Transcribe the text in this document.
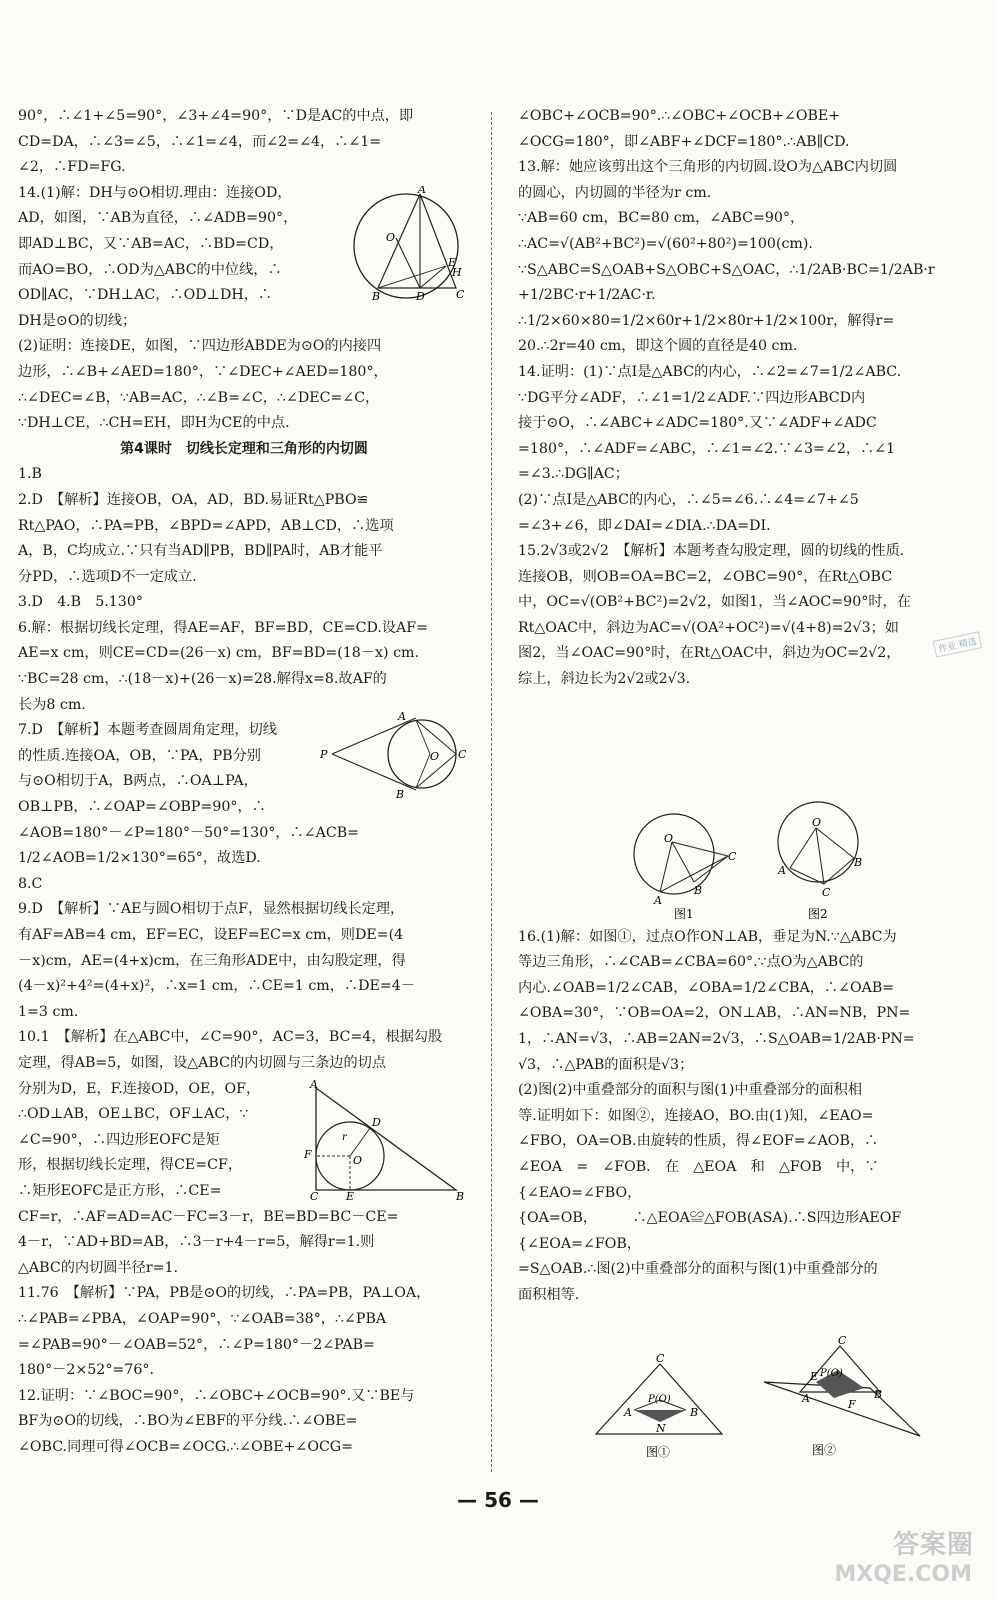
90°，∴∠1+∠5=90°，∠3+∠4=90°，∵D是AC的中点，即
CD=DA，∴∠3=∠5，∴∠1=∠4，而∠2=∠4，∴∠1=
∠2，∴FD=FG.
14.(1)解：DH与⊙O相切.理由：连接OD，
AD，如图，∵AB为直径，∴∠ADB=90°，
即AD⊥BC，又∵AB=AC，∴BD=CD，
而AO=BO，∴OD为△ABC的中位线，∴
OD∥AC，∵DH⊥AC，∴OD⊥DH，∴
DH是⊙O的切线；
(2)证明：连接DE，如图，∵四边形ABDE为⊙O的内接四
边形，∴∠B+∠AED=180°，∵∠DEC+∠AED=180°，
∴∠DEC=∠B，∵AB=AC，∴∠B=∠C，∴∠DEC=∠C，
∵DH⊥CE，∴CH=EH，即H为CE的中点.
第4课时　切线长定理和三角形的内切圆
1.B
2.D　【解析】连接OB，OA，AD，BD.易证Rt△PBO≌
Rt△PAO，∴PA=PB，∠BPD=∠APD，AB⊥CD，∴选项
A，B，C均成立.∵只有当AD∥PB，BD∥PA时，AB才能平
分PD，∴选项D不一定成立.
3.D　4.B　5.130°
6.解：根据切线长定理，得AE=AF，BF=BD，CE=CD.设AF=
AE=x cm，则CE=CD=(26－x) cm，BF=BD=(18－x) cm.
∵BC=28 cm，∴(18－x)+(26－x)=28.解得x=8.故AF的
长为8 cm.
7.D　【解析】本题考查圆周角定理，切线
的性质.连接OA，OB，∵PA，PB分别
与⊙O相切于A，B两点，∴OA⊥PA，
OB⊥PB，∴∠OAP=∠OBP=90°，∴
∠AOB=180°－∠P=180°－50°=130°，∴∠ACB=
1/2∠AOB=1/2×130°=65°，故选D.
8.C
9.D　【解析】∵AE与圆O相切于点F，显然根据切线长定理，
有AF=AB=4 cm，EF=EC，设EF=EC=x cm，则DE=(4
－x)cm，AE=(4+x)cm，在三角形ADE中，由勾股定理，得
(4－x)²+4²=(4+x)²，∴x=1 cm，∴CE=1 cm，∴DE=4－
1=3 cm.
10.1　【解析】在△ABC中，∠C=90°，AC=3，BC=4，根据勾股
定理，得AB=5，如图，设△ABC的内切圆与三条边的切点
分别为D，E，F.连接OD，OE，OF，
∴OD⊥AB，OE⊥BC，OF⊥AC，∵
∠C=90°，∴四边形EOFC是矩
形，根据切线长定理，得CE=CF，
∴矩形EOFC是正方形，∴CE=
CF=r，∴AF=AD=AC－FC=3－r，BE=BD=BC－CE=
4－r，∵AD+BD=AB，∴3－r+4－r=5，解得r=1.则
△ABC的内切圆半径r=1.
11.76　【解析】∵PA，PB是⊙O的切线，∴PA=PB，PA⊥OA，
∴∠PAB=∠PBA，∠OAP=90°，∵∠OAB=38°，∴∠PBA
=∠PAB=90°－∠OAB=52°，∴∠P=180°－2∠PAB=
180°－2×52°=76°.
12.证明：∵∠BOC=90°，∴∠OBC+∠OCB=90°.又∵BE与
BF为⊙O的切线，∴BO为∠EBF的平分线.∴∠OBE=
∠OBC.同理可得∠OCB=∠OCG.∴∠OBE+∠OCG=
∠OBC+∠OCB=90°.∴∠OBC+∠OCB+∠OBE+
∠OCG=180°，即∠ABF+∠DCF=180°.∴AB∥CD.
13.解：她应该剪出这个三角形的内切圆.设O为△ABC内切圆
的圆心，内切圆的半径为r cm.
∵AB=60 cm，BC=80 cm，∠ABC=90°，
∴AC=√(AB²+BC²)=√(60²+80²)=100(cm).
∵S△ABC=S△OAB+S△OBC+S△OAC，∴1/2AB·BC=1/2AB·r
+1/2BC·r+1/2AC·r.
∴1/2×60×80=1/2×60r+1/2×80r+1/2×100r，解得r=
20.∴2r=40 cm，即这个圆的直径是40 cm.
14.证明：(1)∵点I是△ABC的内心，∴∠2=∠7=1/2∠ABC.
∵DG平分∠ADF，∴∠1=1/2∠ADF.∵四边形ABCD内
接于⊙O，∴∠ABC+∠ADC=180°.又∵∠ADF+∠ADC
=180°，∴∠ADF=∠ABC，∴∠1=∠2.∵∠3=∠2，∴∠1
=∠3.∴DG∥AC；
(2)∵点I是△ABC的内心，∴∠5=∠6.∴∠4=∠7+∠5
=∠3+∠6，即∠DAI=∠DIA.∴DA=DI.
15.2√3或2√2　【解析】本题考查勾股定理，圆的切线的性质.
连接OB，则OB=OA=BC=2，∠OBC=90°，在Rt△OBC
中，OC=√(OB²+BC²)=2√2，如图1，当∠AOC=90°时，在
Rt△OAC中，斜边为AC=√(OA²+OC²)=√(4+8)=2√3；如
图2，当∠OAC=90°时，在Rt△OAC中，斜边为OC=2√2，
综上，斜边长为2√2或2√3.
16.(1)解：如图①，过点O作ON⊥AB，垂足为N.∵△ABC为
等边三角形，∴∠CAB=∠CBA=60°.∵点O为△ABC的
内心.∠OAB=1/2∠CAB，∠OBA=1/2∠CBA，∴∠OAB=
∠OBA=30°，∵OB=OA=2，ON⊥AB，∴AN=NB，PN=
1，∴AN=√3，∴AB=2AN=2√3，∴S△OAB=1/2AB·PN=
√3，∴△PAB的面积是√3；
(2)图(2)中重叠部分的面积与图(1)中重叠部分的面积相
等.证明如下：如图②，连接AO，BO.由(1)知，∠EAO=
∠FBO，OA=OB.由旋转的性质，得∠EOF=∠AOB，∴
∠EOA　=　∠FOB.　在　△EOA　和　△FOB　中，∵
{∠EAO=∠FBO，
{OA=OB，　　　∴△EOA≌△FOB(ASA).∴S四边形AEOF
{∠EOA=∠FOB，
=S△OAB.∴图(2)中重叠部分的面积与图(1)中重叠部分的
面积相等.
A
O
E
H
B	D	C
A
P	O C
B
A
D
r
O
F
C	E	B
O
C
A
B
图1
O
C
A
B
图2
C
P(O)
A
N
B
图①
C
E P(O)
A	F
B
图②
作业 精选
— 56 —
答案圈
MXQE.COM
